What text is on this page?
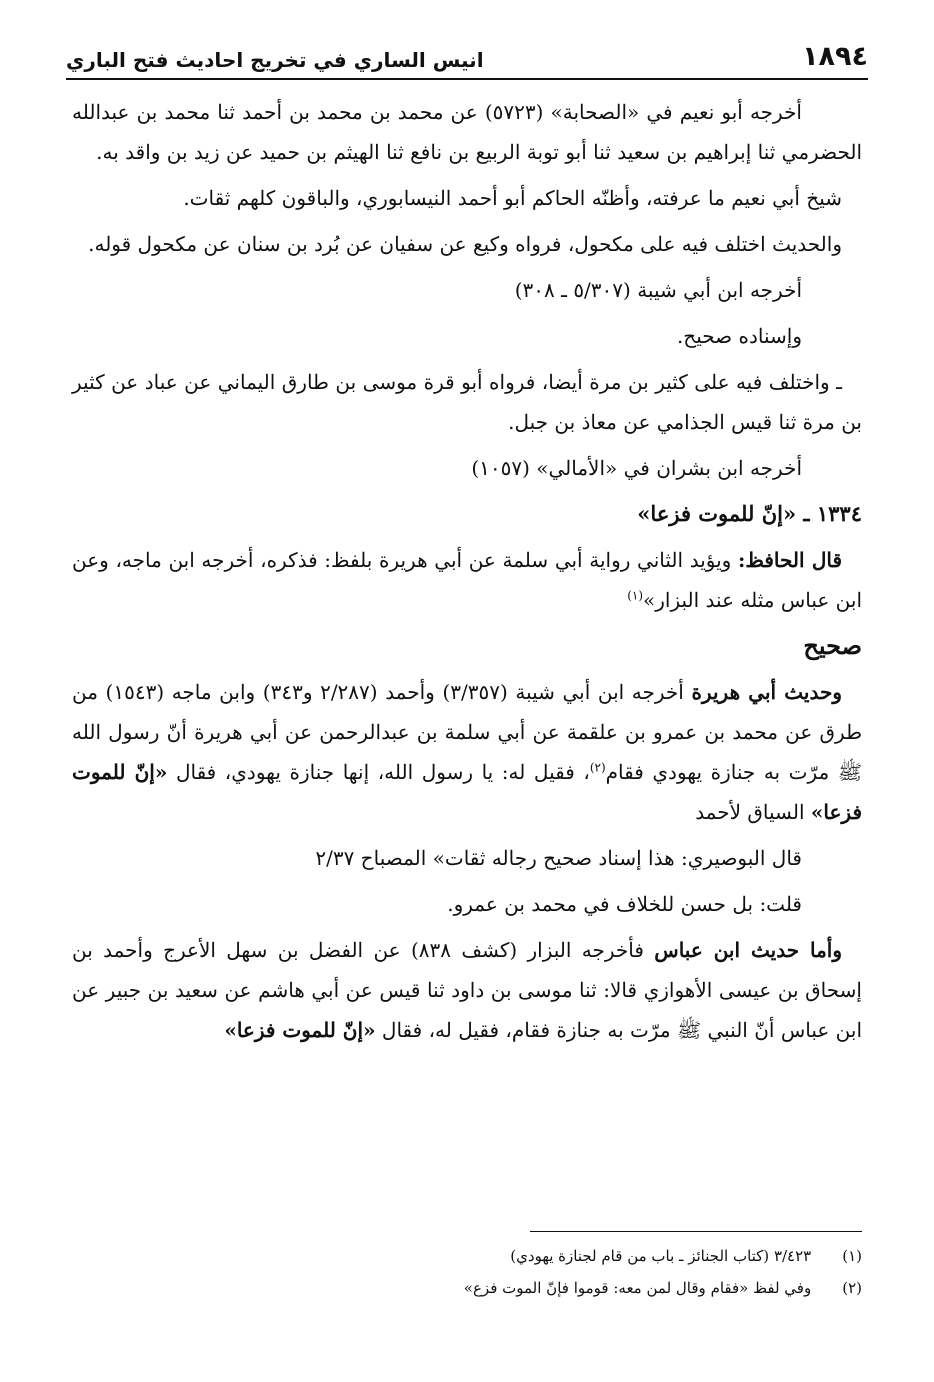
١٨٩٤
انيس الساري في تخريج احاديث فتح الباري

أخرجه أبو نعيم في «الصحابة» (٥٧٢٣) عن محمد بن محمد بن أحمد ثنا محمد بن عبدالله الحضرمي ثنا إبراهيم بن سعيد ثنا أبو توبة الربيع بن نافع ثنا الهيثم بن حميد عن زيد بن واقد به.

شيخ أبي نعيم ما عرفته، وأظنّه الحاكم أبو أحمد النيسابوري، والباقون كلهم ثقات.

والحديث اختلف فيه على مكحول، فرواه وكيع عن سفيان عن بُرد بن سنان عن مكحول قوله.

أخرجه ابن أبي شيبة (٥/٣٠٧ ـ ٣٠٨)

وإسناده صحيح.

ـ واختلف فيه على كثير بن مرة أيضا، فرواه أبو قرة موسى بن طارق اليماني عن عباد عن كثير بن مرة ثنا قيس الجذامي عن معاذ بن جبل.

أخرجه ابن بشران في «الأمالي» (١٠٥٧)

١٣٣٤ ـ «إنّ للموت فزعا»

قال الحافظ: ويؤيد الثاني رواية أبي سلمة عن أبي هريرة بلفظ: فذكره، أخرجه ابن ماجه، وعن ابن عباس مثله عند البزار»$^{(١)}$

صحيح

وحديث أبي هريرة أخرجه ابن أبي شيبة (٣/٣٥٧) وأحمد (٢/٢٨٧ و٣٤٣) وابن ماجه (١٥٤٣) من طرق عن محمد بن عمرو بن علقمة عن أبي سلمة بن عبدالرحمن عن أبي هريرة أنّ رسول الله ﷺ مرّت به جنازة يهودي فقام$^{(٢)}$، فقيل له: يا رسول الله، إنها جنازة يهودي، فقال «إنّ للموت فزعا» السياق لأحمد

قال البوصيري: هذا إسناد صحيح رجاله ثقات» المصباح ٢/٣٧

قلت: بل حسن للخلاف في محمد بن عمرو.

وأما حديث ابن عباس فأخرجه البزار (كشف ٨٣٨) عن الفضل بن سهل الأعرج وأحمد بن إسحاق بن عيسى الأهوازي قالا: ثنا موسى بن داود ثنا قيس عن أبي هاشم عن سعيد بن جبير عن ابن عباس أنّ النبي ﷺ مرّت به جنازة فقام، فقيل له، فقال «إنّ للموت فزعا»

(١) ٣/٤٢٣ (كتاب الجنائز ـ باب من قام لجنازة يهودي)

(٢) وفي لفظ «فقام وقال لمن معه: قوموا فإنّ الموت فزع»
